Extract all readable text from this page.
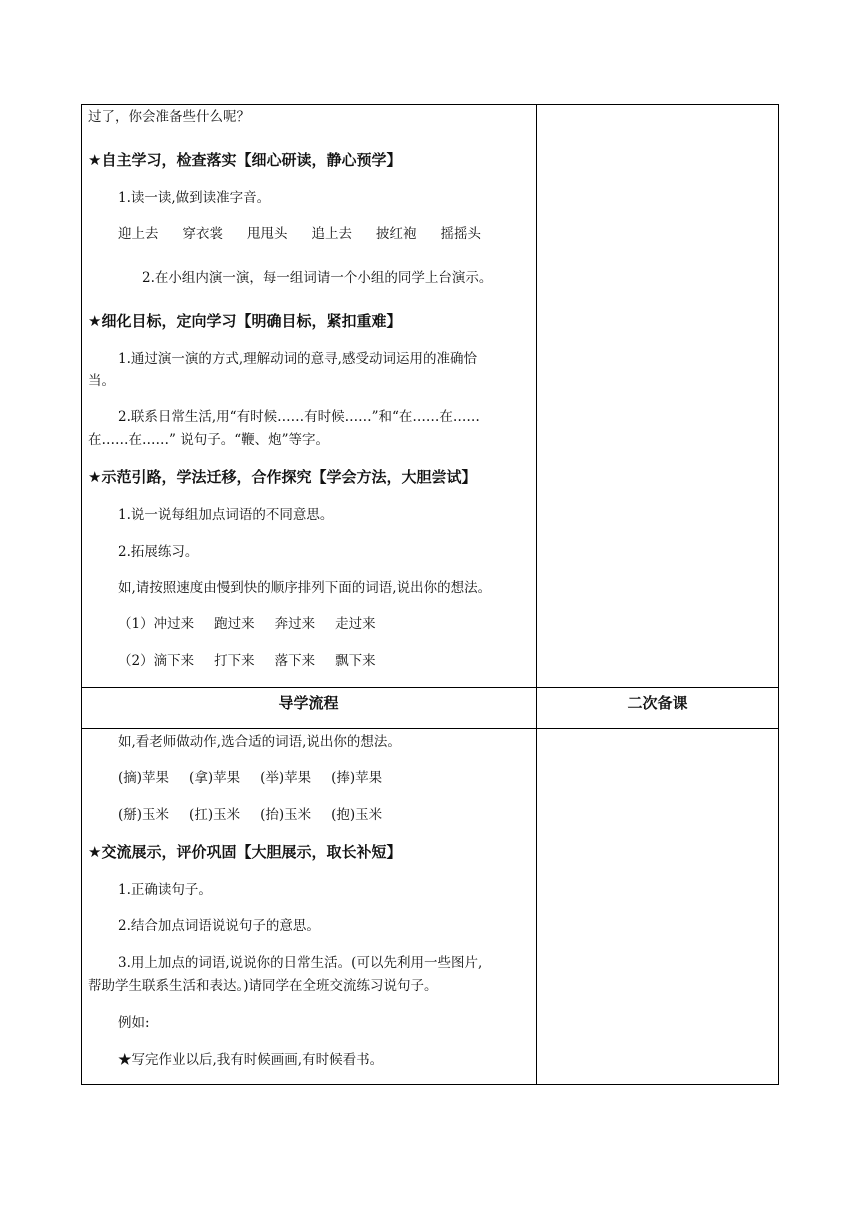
导学流程	二次备课
过了，你会准备些什么呢？
★自主学习，检查落实【细心研读，静心预学】
1.读一读,做到读准字音。
迎上去 穿衣裳 甩甩头 追上去 披红袍 摇摇头
2.在小组内演一演，每一组词请一个小组的同学上台演示。
★细化目标，定向学习【明确目标，紧扣重难】
1.通过演一演的方式,理解动词的意寻,感受动词运用的准确恰
当。
2.联系日常生活,用“有时候……有时候……”和“在……在……
在……在……” 说句子。“鞭、炮”等字。
★示范引路，学法迁移，合作探究【学会方法，大胆尝试】
1.说一说每组加点词语的不同意思。
2.拓展练习。
如,请按照速度由慢到快的顺序排列下面的词语,说出你的想法。
（1）冲过来 跑过来 奔过来 走过来
（2）滴下来 打下来 落下来 飘下来
如,看老师做动作,选合适的词语,说出你的想法。
(摘)苹果 (拿)苹果 (举)苹果 (捧)苹果
(掰)玉米 (扛)玉米 (抬)玉米 (抱)玉米
★交流展示，评价巩固【大胆展示，取长补短】
1.正确读句子。
2.结合加点词语说说句子的意思。
3.用上加点的词语,说说你的日常生活。(可以先利用一些图片,
帮助学生联系生活和表达。)请同学在全班交流练习说句子。
例如:
★写完作业以后,我有时候画画,有时候看书。
